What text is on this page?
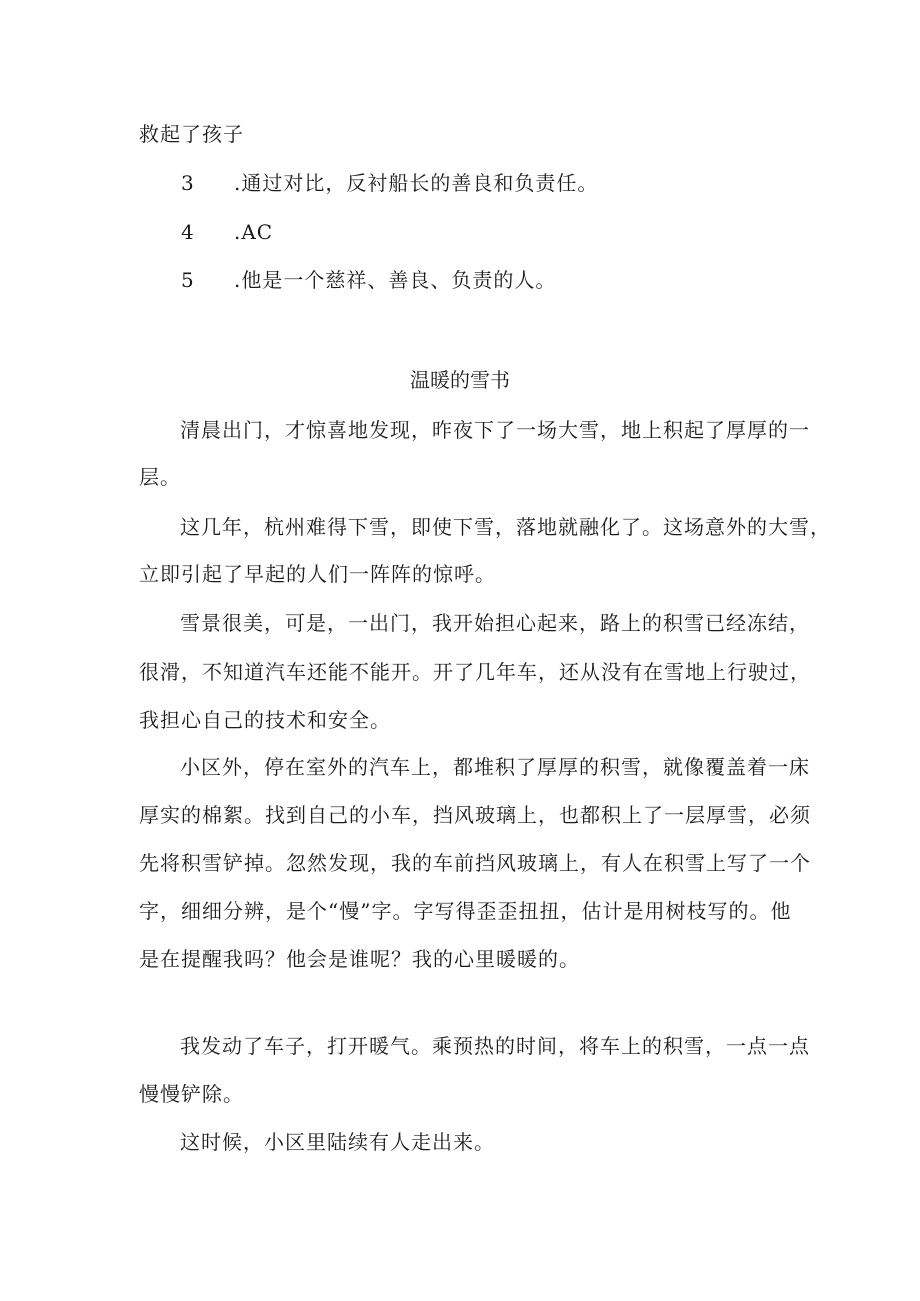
救起了孩子
3 .通过对比，反衬船长的善良和负责任。
4 .AC
5 .他是一个慈祥、善良、负责的人。
温暖的雪书
清晨出门，才惊喜地发现，昨夜下了一场大雪，地上积起了厚厚的一
层。
这几年，杭州难得下雪，即使下雪，落地就融化了。这场意外的大雪，
立即引起了早起的人们一阵阵的惊呼。
雪景很美，可是，一出门，我开始担心起来，路上的积雪已经冻结，
很滑，不知道汽车还能不能开。开了几年车，还从没有在雪地上行驶过，
我担心自己的技术和安全。
小区外，停在室外的汽车上，都堆积了厚厚的积雪，就像覆盖着一床
厚实的棉絮。找到自己的小车，挡风玻璃上，也都积上了一层厚雪，必须
先将积雪铲掉。忽然发现，我的车前挡风玻璃上，有人在积雪上写了一个
字，细细分辨，是个“慢”字。字写得歪歪扭扭，估计是用树枝写的。他
是在提醒我吗？他会是谁呢？我的心里暖暖的。
我发动了车子，打开暖气。乘预热的时间，将车上的积雪，一点一点
慢慢铲除。
这时候，小区里陆续有人走出来。
